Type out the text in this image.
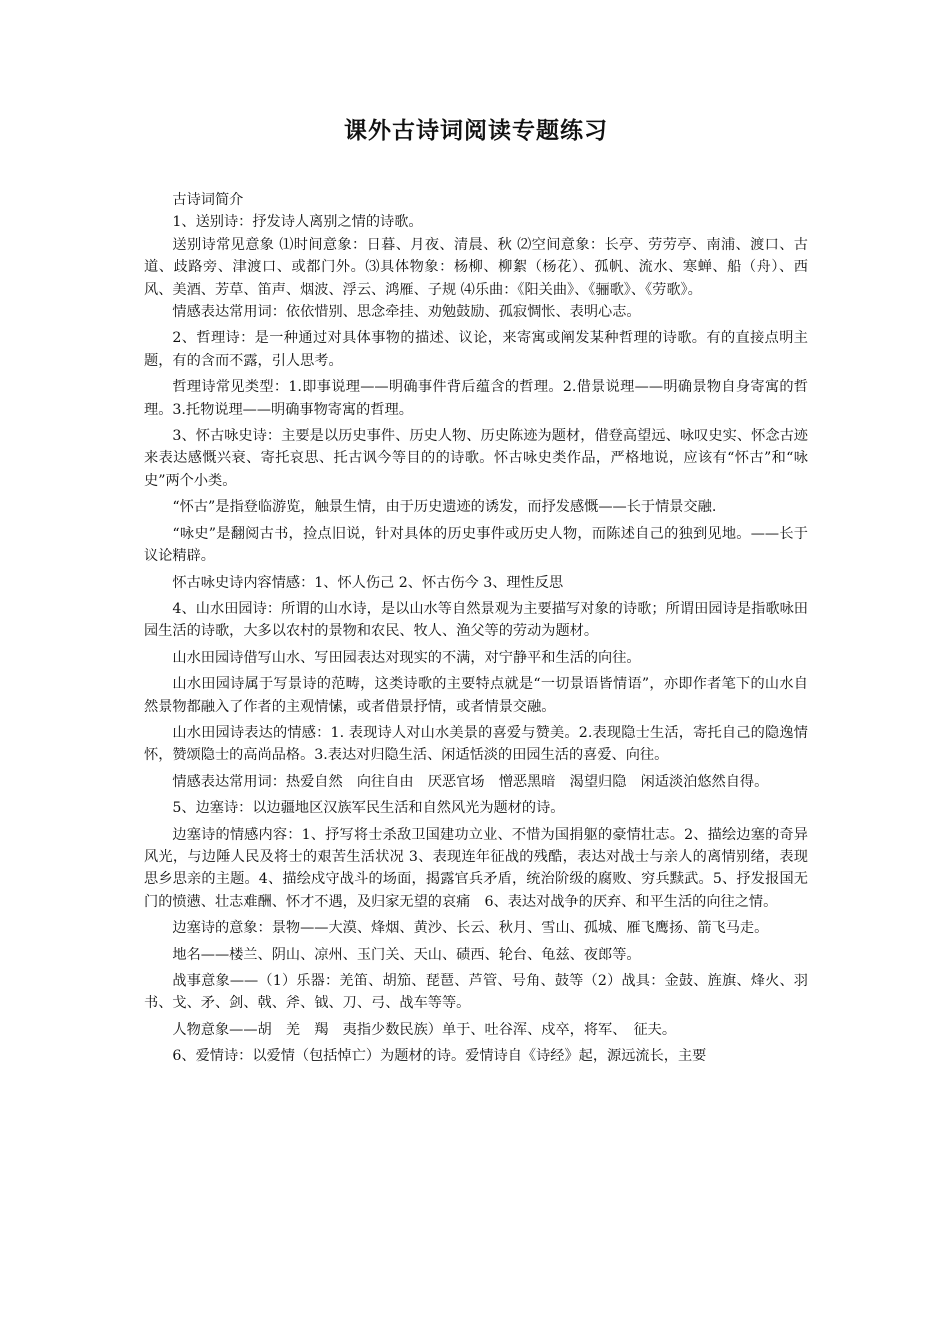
课外古诗词阅读专题练习

古诗词简介

1、送别诗：抒发诗人离别之情的诗歌。

送别诗常见意象 ⑴时间意象：日暮、月夜、清晨、秋 ⑵空间意象：长亭、劳劳亭、南浦、渡口、古道、歧路旁、津渡口、或都门外。⑶具体物象：杨柳、柳絮（杨花）、孤帆、流水、寒蝉、船（舟）、西风、美酒、芳草、笛声、烟波、浮云、鸿雁、子规 ⑷乐曲：《阳关曲》、《骊歌》、《劳歌》。

情感表达常用词：依依惜别、思念牵挂、劝勉鼓励、孤寂惆怅、表明心志。

2、哲理诗：是一种通过对具体事物的描述、议论，来寄寓或阐发某种哲理的诗歌。有的直接点明主题，有的含而不露，引人思考。

哲理诗常见类型：1.即事说理——明确事件背后蕴含的哲理。2.借景说理——明确景物自身寄寓的哲理。3.托物说理——明确事物寄寓的哲理。

3、怀古咏史诗：主要是以历史事件、历史人物、历史陈迹为题材，借登高望远、咏叹史实、怀念古迹来表达感慨兴衰、寄托哀思、托古讽今等目的的诗歌。怀古咏史类作品，严格地说，应该有“怀古”和“咏史”两个小类。

“怀古”是指登临游览，触景生情，由于历史遗迹的诱发，而抒发感慨——长于情景交融.

“咏史”是翻阅古书，捡点旧说，针对具体的历史事件或历史人物，而陈述自己的独到见地。——长于议论精辟。

怀古咏史诗内容情感：1、怀人伤己 2、怀古伤今 3、理性反思

4、山水田园诗：所谓的山水诗，是以山水等自然景观为主要描写对象的诗歌；所谓田园诗是指歌咏田园生活的诗歌，大多以农村的景物和农民、牧人、渔父等的劳动为题材。

山水田园诗借写山水、写田园表达对现实的不满，对宁静平和生活的向往。

山水田园诗属于写景诗的范畴，这类诗歌的主要特点就是“一切景语皆情语”，亦即作者笔下的山水自然景物都融入了作者的主观情愫，或者借景抒情，或者情景交融。

山水田园诗表达的情感：1. 表现诗人对山水美景的喜爱与赞美。2.表现隐士生活，寄托自己的隐逸情怀，赞颂隐士的高尚品格。3.表达对归隐生活、闲适恬淡的田园生活的喜爱、向往。

情感表达常用词：热爱自然　向往自由　厌恶官场　憎恶黑暗　渴望归隐　闲适淡泊悠然自得。

5、边塞诗：以边疆地区汉族军民生活和自然风光为题材的诗。

边塞诗的情感内容：1、抒写将士杀敌卫国建功立业、不惜为国捐躯的豪情壮志。2、描绘边塞的奇异风光，与边陲人民及将士的艰苦生活状况 3、表现连年征战的残酷，表达对战士与亲人的离情别绪，表现思乡思亲的主题。4、描绘戍守战斗的场面，揭露官兵矛盾，统治阶级的腐败、穷兵黩武。5、抒发报国无门的愤懑、壮志难酬、怀才不遇，及归家无望的哀痛　6、表达对战争的厌弃、和平生活的向往之情。

边塞诗的意象：景物——大漠、烽烟、黄沙、长云、秋月、雪山、孤城、雁飞鹰扬、箭飞马走。

地名——楼兰、阴山、凉州、玉门关、天山、碛西、轮台、龟兹、夜郎等。

战事意象——（1）乐器：羌笛、胡笳、琵琶、芦管、号角、鼓等（2）战具：金鼓、旌旗、烽火、羽书、戈、矛、剑、戟、斧、钺、刀、弓、战车等等。

人物意象——胡　羌　羯　夷指少数民族）单于、吐谷浑、戍卒，将军、　征夫。

6、爱情诗：以爱情（包括悼亡）为题材的诗。爱情诗自《诗经》起，源远流长，主要
